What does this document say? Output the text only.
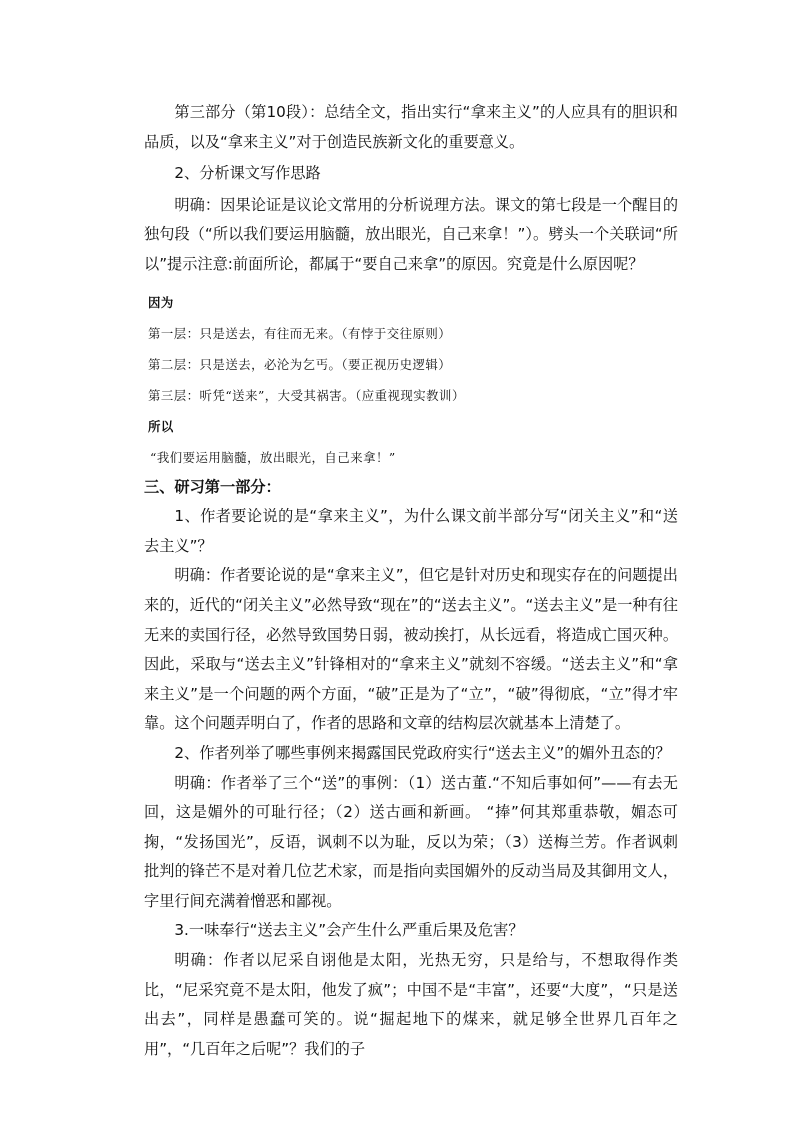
第三部分（第10段）：总结全文，指出实行“拿来主义”的人应具有的胆识和品质，以及“拿来主义”对于创造民族新文化的重要意义。

2、分析课文写作思路

明确：因果论证是议论文常用的分析说理方法。课文的第七段是一个醒目的独句段（“所以我们要运用脑髓，放出眼光，自己来拿！”）。劈头一个关联词“所以”提示注意:前面所论，都属于“要自己来拿”的原因。究竟是什么原因呢？

因为

第一层：只是送去，有往而无来。（有悖于交往原则）

第二层：只是送去，必沦为乞丐。（要正视历史逻辑）

第三层：听凭“送来”，大受其祸害。（应重视现实教训）

所以

“我们要运用脑髓，放出眼光，自己来拿！”

三、研习第一部分：

1、作者要论说的是“拿来主义”，为什么课文前半部分写“闭关主义”和“送去主义”？

明确：作者要论说的是“拿来主义”，但它是针对历史和现实存在的问题提出来的，近代的“闭关主义”必然导致“现在”的“送去主义”。“送去主义”是一种有往无来的卖国行径，必然导致国势日弱，被动挨打，从长远看，将造成亡国灭种。因此，采取与“送去主义”针锋相对的“拿来主义”就刻不容缓。“送去主义”和“拿来主义”是一个问题的两个方面，“破”正是为了“立”，“破”得彻底，“立”得才牢靠。这个问题弄明白了，作者的思路和文章的结构层次就基本上清楚了。

2、作者列举了哪些事例来揭露国民党政府实行“送去主义”的媚外丑态的？

明确：作者举了三个“送”的事例：（1）送古董.“不知后事如何”——有去无回，这是媚外的可耻行径；（2）送古画和新画。 “捧”何其郑重恭敬，媚态可掬，“发扬国光”，反语，讽刺不以为耻，反以为荣；（3）送梅兰芳。作者讽刺批判的锋芒不是对着几位艺术家，而是指向卖国媚外的反动当局及其御用文人，字里行间充满着憎恶和鄙视。

3.一味奉行“送去主义”会产生什么严重后果及危害？

明确：作者以尼采自诩他是太阳，光热无穷，只是给与，不想取得作类比，“尼采究竟不是太阳，他发了疯”；中国不是“丰富”，还要“大度”，“只是送出去”，同样是愚蠢可笑的。说“掘起地下的煤来，就足够全世界几百年之用”，“几百年之后呢”？我们的子
